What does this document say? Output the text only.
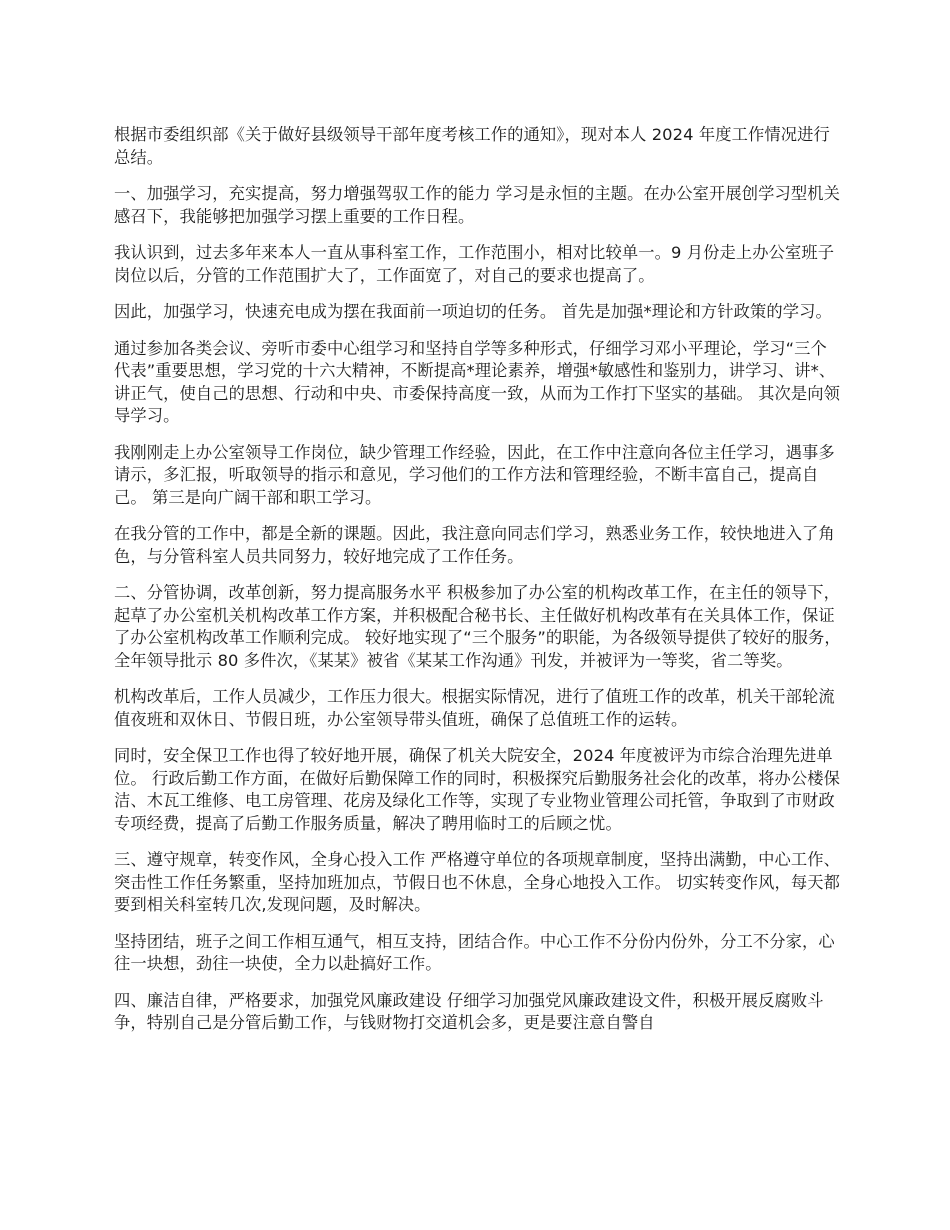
根据市委组织部《关于做好县级领导干部年度考核工作的通知》，现对本人 2024 年度工作情况进行总结。

一、加强学习，充实提高，努力增强驾驭工作的能力 学习是永恒的主题。在办公室开展创学习型机关感召下，我能够把加强学习摆上重要的工作日程。

我认识到，过去多年来本人一直从事科室工作，工作范围小，相对比较单一。9 月份走上办公室班子岗位以后，分管的工作范围扩大了，工作面宽了，对自己的要求也提高了。

因此，加强学习，快速充电成为摆在我面前一项迫切的任务。 首先是加强*理论和方针政策的学习。

通过参加各类会议、旁听市委中心组学习和坚持自学等多种形式，仔细学习邓小平理论，学习“三个代表”重要思想，学习党的十六大精神，不断提高*理论素养，增强*敏感性和鉴别力，讲学习、讲*、讲正气，使自己的思想、行动和中央、市委保持高度一致，从而为工作打下坚实的基础。 其次是向领导学习。

我刚刚走上办公室领导工作岗位，缺少管理工作经验，因此，在工作中注意向各位主任学习，遇事多请示，多汇报，听取领导的指示和意见，学习他们的工作方法和管理经验，不断丰富自己，提高自己。 第三是向广阔干部和职工学习。

在我分管的工作中，都是全新的课题。因此，我注意向同志们学习，熟悉业务工作，较快地进入了角色，与分管科室人员共同努力，较好地完成了工作任务。

二、分管协调，改革创新，努力提高服务水平 积极参加了办公室的机构改革工作，在主任的领导下，起草了办公室机关机构改革工作方案，并积极配合秘书长、主任做好机构改革有在关具体工作，保证了办公室机构改革工作顺利完成。 较好地实现了“三个服务”的职能，为各级领导提供了较好的服务，全年领导批示 80 多件次，《某某》被省《某某工作沟通》刊发，并被评为一等奖，省二等奖。

机构改革后，工作人员减少，工作压力很大。根据实际情况，进行了值班工作的改革，机关干部轮流值夜班和双休日、节假日班，办公室领导带头值班，确保了总值班工作的运转。

同时，安全保卫工作也得了较好地开展，确保了机关大院安全，2024 年度被评为市综合治理先进单位。 行政后勤工作方面，在做好后勤保障工作的同时，积极探究后勤服务社会化的改革，将办公楼保洁、木瓦工维修、电工房管理、花房及绿化工作等，实现了专业物业管理公司托管，争取到了市财政专项经费，提高了后勤工作服务质量，解决了聘用临时工的后顾之忧。

三、遵守规章，转变作风，全身心投入工作 严格遵守单位的各项规章制度，坚持出满勤，中心工作、突击性工作任务繁重，坚持加班加点，节假日也不休息，全身心地投入工作。 切实转变作风，每天都要到相关科室转几次,发现问题，及时解决。

坚持团结，班子之间工作相互通气，相互支持，团结合作。中心工作不分份内份外，分工不分家，心往一块想，劲往一块使，全力以赴搞好工作。

四、廉洁自律，严格要求，加强党风廉政建设 仔细学习加强党风廉政建设文件，积极开展反腐败斗争，特别自己是分管后勤工作，与钱财物打交道机会多，更是要注意自警自
